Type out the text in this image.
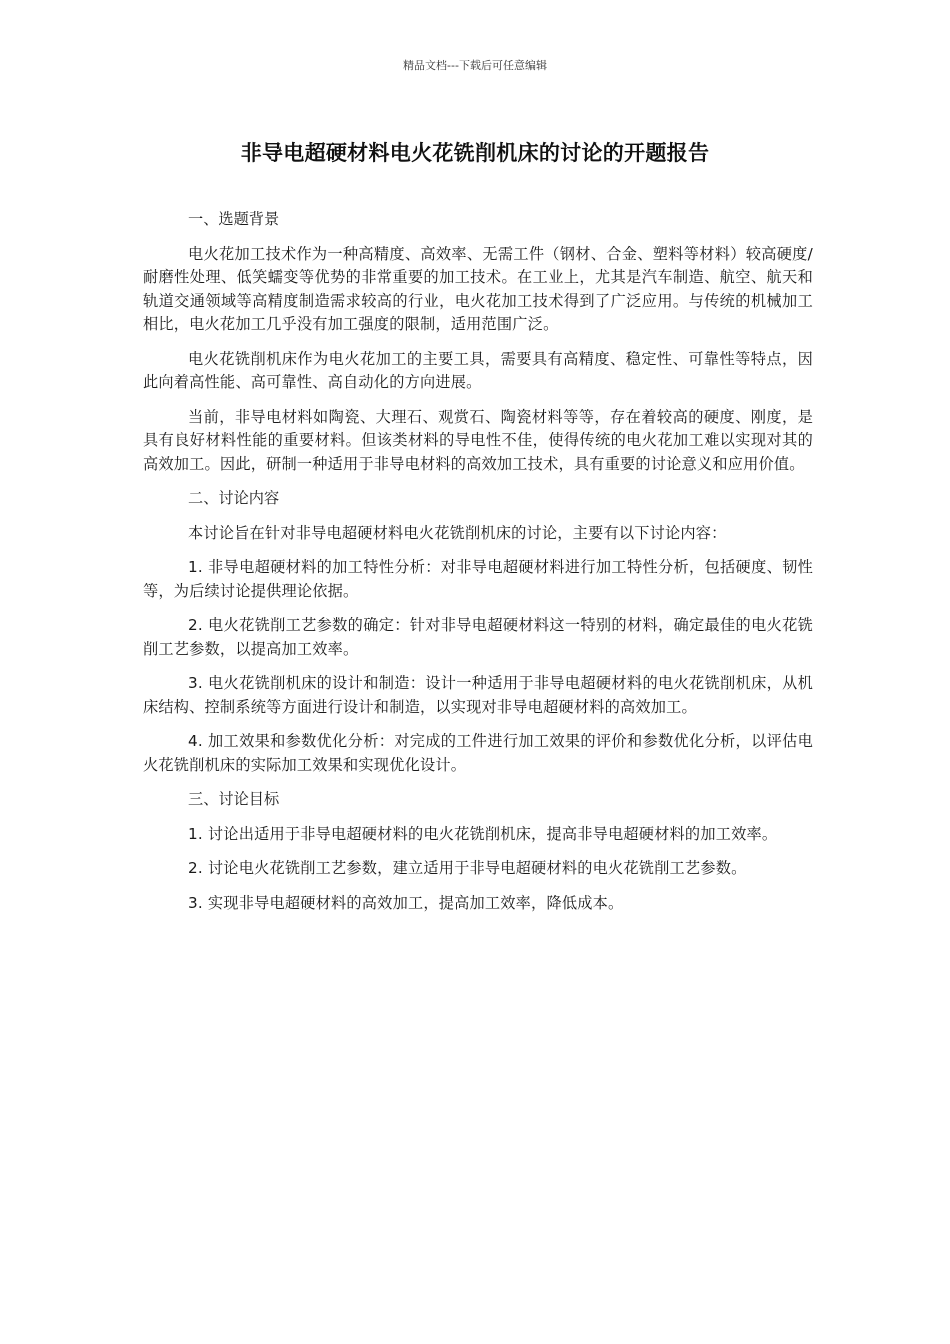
精品文档---下载后可任意编辑
非导电超硬材料电火花铣削机床的讨论的开题报告

一、选题背景

电火花加工技术作为一种高精度、高效率、无需工件（钢材、合金、塑料等材料）较高硬度/耐磨性处理、低笑蠕变等优势的非常重要的加工技术。在工业上，尤其是汽车制造、航空、航天和轨道交通领域等高精度制造需求较高的行业，电火花加工技术得到了广泛应用。与传统的机械加工相比，电火花加工几乎没有加工强度的限制，适用范围广泛。

电火花铣削机床作为电火花加工的主要工具，需要具有高精度、稳定性、可靠性等特点，因此向着高性能、高可靠性、高自动化的方向进展。

当前，非导电材料如陶瓷、大理石、观赏石、陶瓷材料等等，存在着较高的硬度、刚度，是具有良好材料性能的重要材料。但该类材料的导电性不佳，使得传统的电火花加工难以实现对其的高效加工。因此，研制一种适用于非导电材料的高效加工技术，具有重要的讨论意义和应用价值。

二、讨论内容

本讨论旨在针对非导电超硬材料电火花铣削机床的讨论，主要有以下讨论内容：

1. 非导电超硬材料的加工特性分析：对非导电超硬材料进行加工特性分析，包括硬度、韧性等，为后续讨论提供理论依据。

2. 电火花铣削工艺参数的确定：针对非导电超硬材料这一特别的材料，确定最佳的电火花铣削工艺参数，以提高加工效率。

3. 电火花铣削机床的设计和制造：设计一种适用于非导电超硬材料的电火花铣削机床，从机床结构、控制系统等方面进行设计和制造，以实现对非导电超硬材料的高效加工。

4. 加工效果和参数优化分析：对完成的工件进行加工效果的评价和参数优化分析，以评估电火花铣削机床的实际加工效果和实现优化设计。

三、讨论目标

1. 讨论出适用于非导电超硬材料的电火花铣削机床，提高非导电超硬材料的加工效率。

2. 讨论电火花铣削工艺参数，建立适用于非导电超硬材料的电火花铣削工艺参数。

3. 实现非导电超硬材料的高效加工，提高加工效率，降低成本。
